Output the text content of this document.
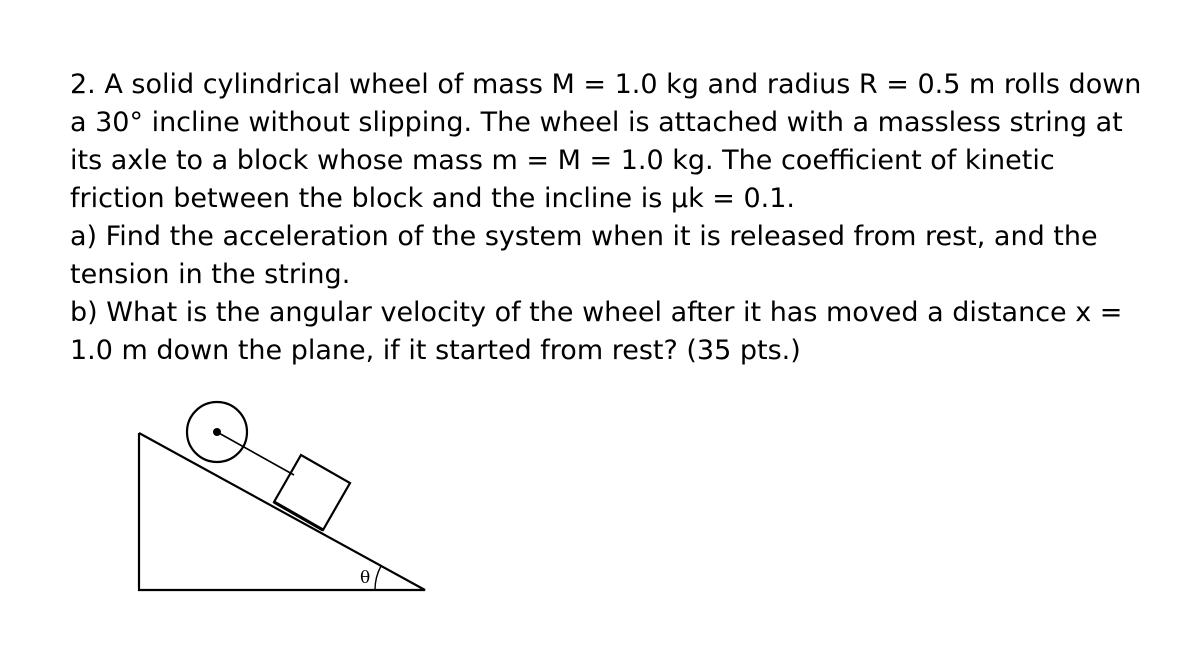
2. A solid cylindrical wheel of mass M = 1.0 kg and radius R = 0.5 m rolls down
a 30° incline without slipping. The wheel is attached with a massless string at
its axle to a block whose mass m = M = 1.0 kg. The coefficient of kinetic
friction between the block and the incline is μk = 0.1.
a) Find the acceleration of the system when it is released from rest, and the
tension in the string.
b) What is the angular velocity of the wheel after it has moved a distance x =
1.0 m down the plane, if it started from rest? (35 pts.)
θ
